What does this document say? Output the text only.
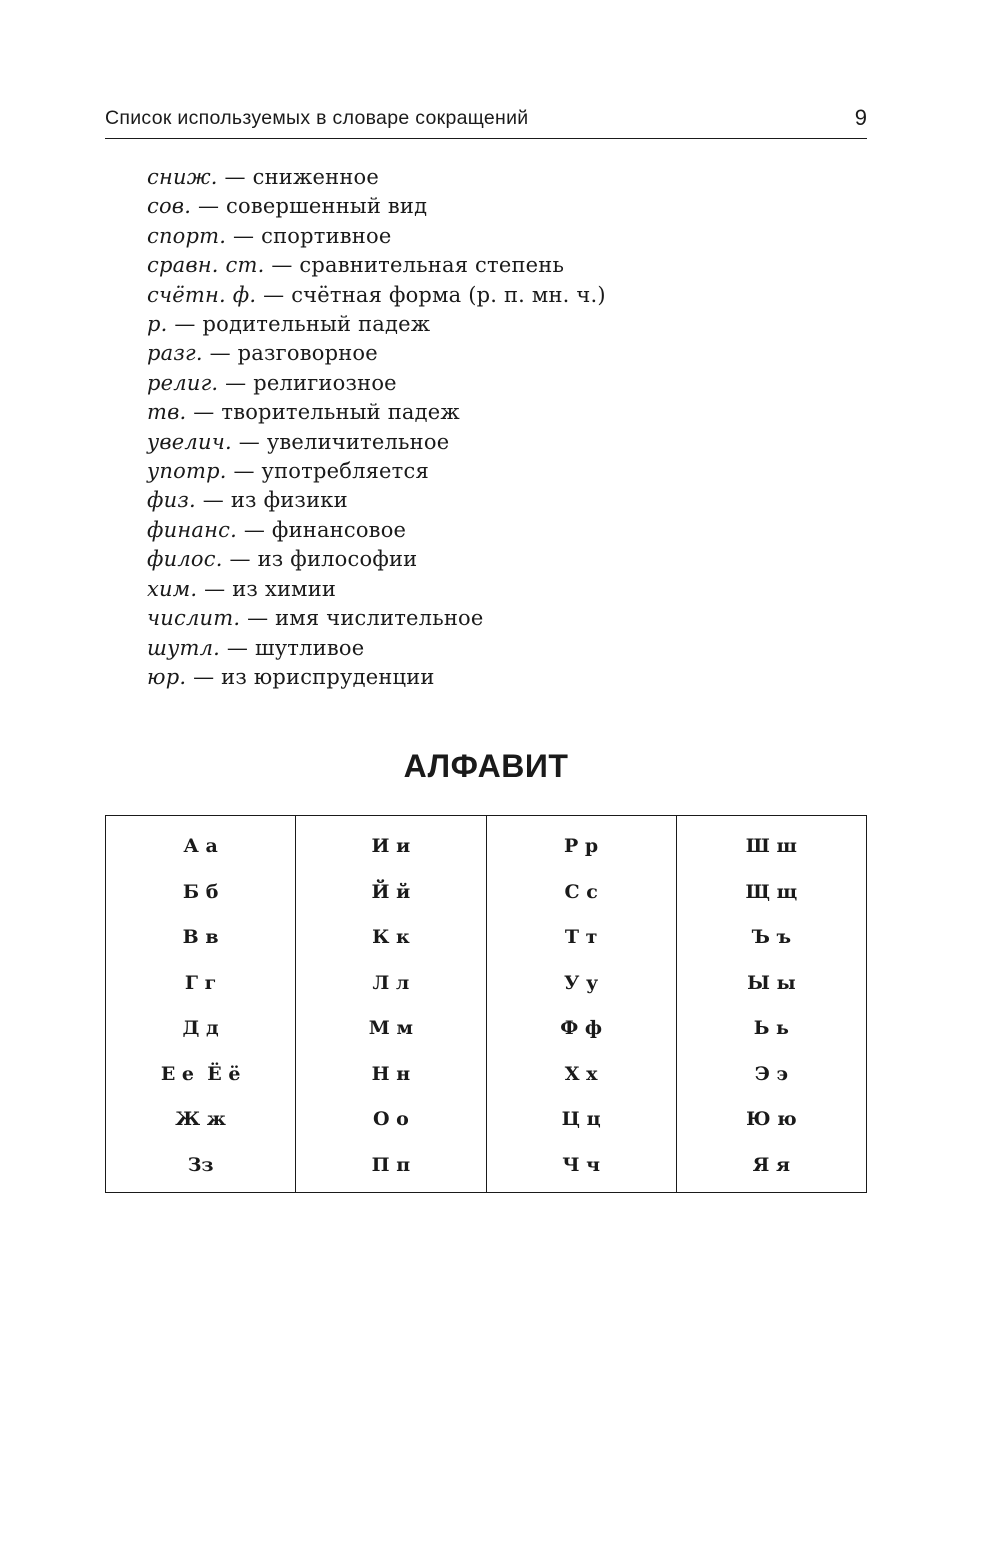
Список используемых в словаре сокращений	9
сниж. — сниженное
сов. — совершенный вид
спорт. — спортивное
сравн. ст. — сравнительная степень
счётн. ф. — счётная форма (р. п. мн. ч.)
р. — родительный падеж
разг. — разговорное
религ. — религиозное
тв. — творительный падеж
увелич. — увеличительное
употр. — употребляется
физ. — из физики
финанс. — финансовое
филос. — из философии
хим. — из химии
числит. — имя числительное
шутл. — шутливое
юр. — из юриспруденции
АЛФАВИТ
А а
Б б
В в
Г г
Д д
Е е  Ё ё
Ж ж
Зз
И и
Й й
К к
Л л
М м
Н н
О о
П п
Р р
С с
Т т
У у
Ф ф
Х х
Ц ц
Ч ч
Ш ш
Щ щ
Ъ ъ
Ы ы
Ь ь
Э э
Ю ю
Я я
